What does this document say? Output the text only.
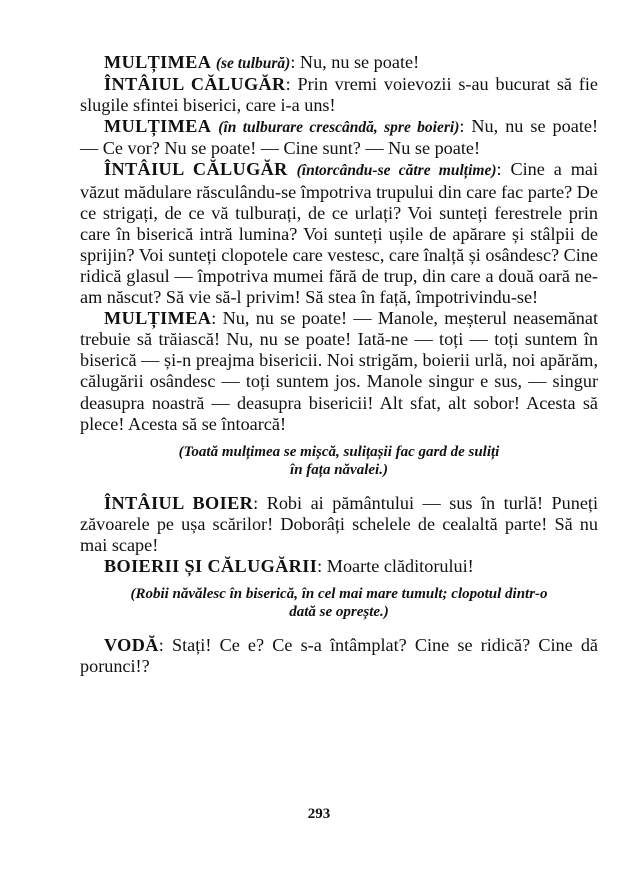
MULȚIMEA (se tulbură): Nu, nu se poate!

ÎNTÂIUL CĂLUGĂR: Prin vremi voievozii s-au bucurat să fie slugile sfintei biserici, care i-a uns!

MULȚIMEA (în tulburare crescândă, spre boieri): Nu, nu se poate! — Ce vor? Nu se poate! — Cine sunt? — Nu se poate!

ÎNTÂIUL CĂLUGĂR (întorcându-se către mulțime): Cine a mai văzut mădulare răsculându-se împotriva trupului din care fac parte? De ce strigați, de ce vă tulburați, de ce urlați? Voi sunteți ferestrele prin care în biserică intră lumina? Voi sunteți ușile de apărare și stâlpii de sprijin? Voi sunteți clopotele care vestesc, care înalță și osândesc? Cine ridică glasul — împotriva mumei fără de trup, din care a două oară ne-am născut? Să vie să-l privim! Să stea în față, împotrivindu-se!

MULȚIMEA: Nu, nu se poate! — Manole, meșterul neasemănat trebuie să trăiască! Nu, nu se poate! Iată-ne — toți — toți suntem în biserică — și-n preajma bisericii. Noi strigăm, boierii urlă, noi apărăm, călugării osândesc — toți suntem jos. Manole singur e sus, — singur deasupra noastră — deasupra bisericii! Alt sfat, alt sobor! Acesta să plece! Acesta să se întoarcă!

(Toată mulțimea se mișcă, sulițașii fac gard de suliți
în fața năvalei.)

ÎNTÂIUL BOIER: Robi ai pământului — sus în turlă! Puneți zăvoarele pe ușa scărilor! Doborâți schelele de cealaltă parte! Să nu mai scape!

BOIERII ȘI CĂLUGĂRII: Moarte clăditorului!

(Robii năvălesc în biserică, în cel mai mare tumult; clopotul dintr-o
dată se oprește.)

VODĂ: Stați! Ce e? Ce s-a întâmplat? Cine se ridică? Cine dă porunci!?

293
